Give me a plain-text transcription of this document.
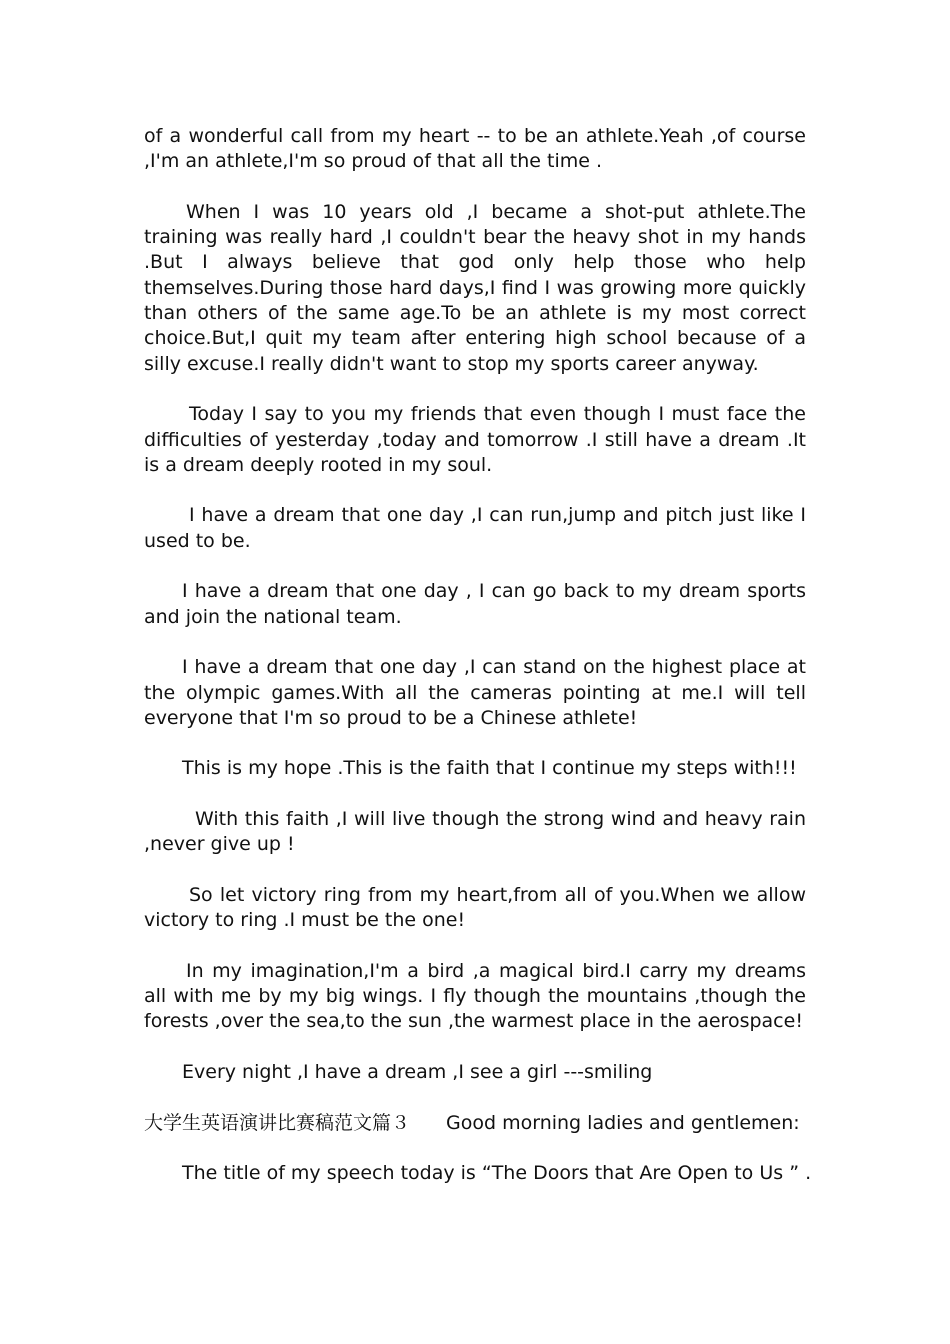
of a wonderful call from my heart -- to be an athlete.Yeah ,of course ,I'm an athlete,I'm so proud of that all the time .

When I was 10 years old ,I became a shot-put athlete.The training was really hard ,I couldn't bear the heavy shot in my hands .But I always believe that god only help those who help themselves.During those hard days,I find I was growing more quickly than others of the same age.To be an athlete is my most correct choice.But,I quit my team after entering high school because of a silly excuse.I really didn't want to stop my sports career anyway.

Today I say to you my friends that even though I must face the difficulties of yesterday ,today and tomorrow .I still have a dream .It is a dream deeply rooted in my soul.

I have a dream that one day ,I can run,jump and pitch just like I used to be.

I have a dream that one day , I can go back to my dream sports and join the national team.

I have a dream that one day ,I can stand on the highest place at the olympic games.With all the cameras pointing at me.I will tell everyone that I'm so proud to be a Chinese athlete!

This is my hope .This is the faith that I continue my steps with!!!

With this faith ,I will live though the strong wind and heavy rain ,never give up !

So let victory ring from my heart,from all of you.When we allow victory to ring .I must be the one!

In my imagination,I'm a bird ,a magical bird.I carry my dreams all with me by my big wings. I fly though the mountains ,though the forests ,over the sea,to the sun ,the warmest place in the aerospace!

Every night ,I have a dream ,I see a girl ---smiling

大学生英语演讲比赛稿范文篇３ Good morning ladies and gentlemen:

The title of my speech today is “The Doors that Are Open to Us ” .
